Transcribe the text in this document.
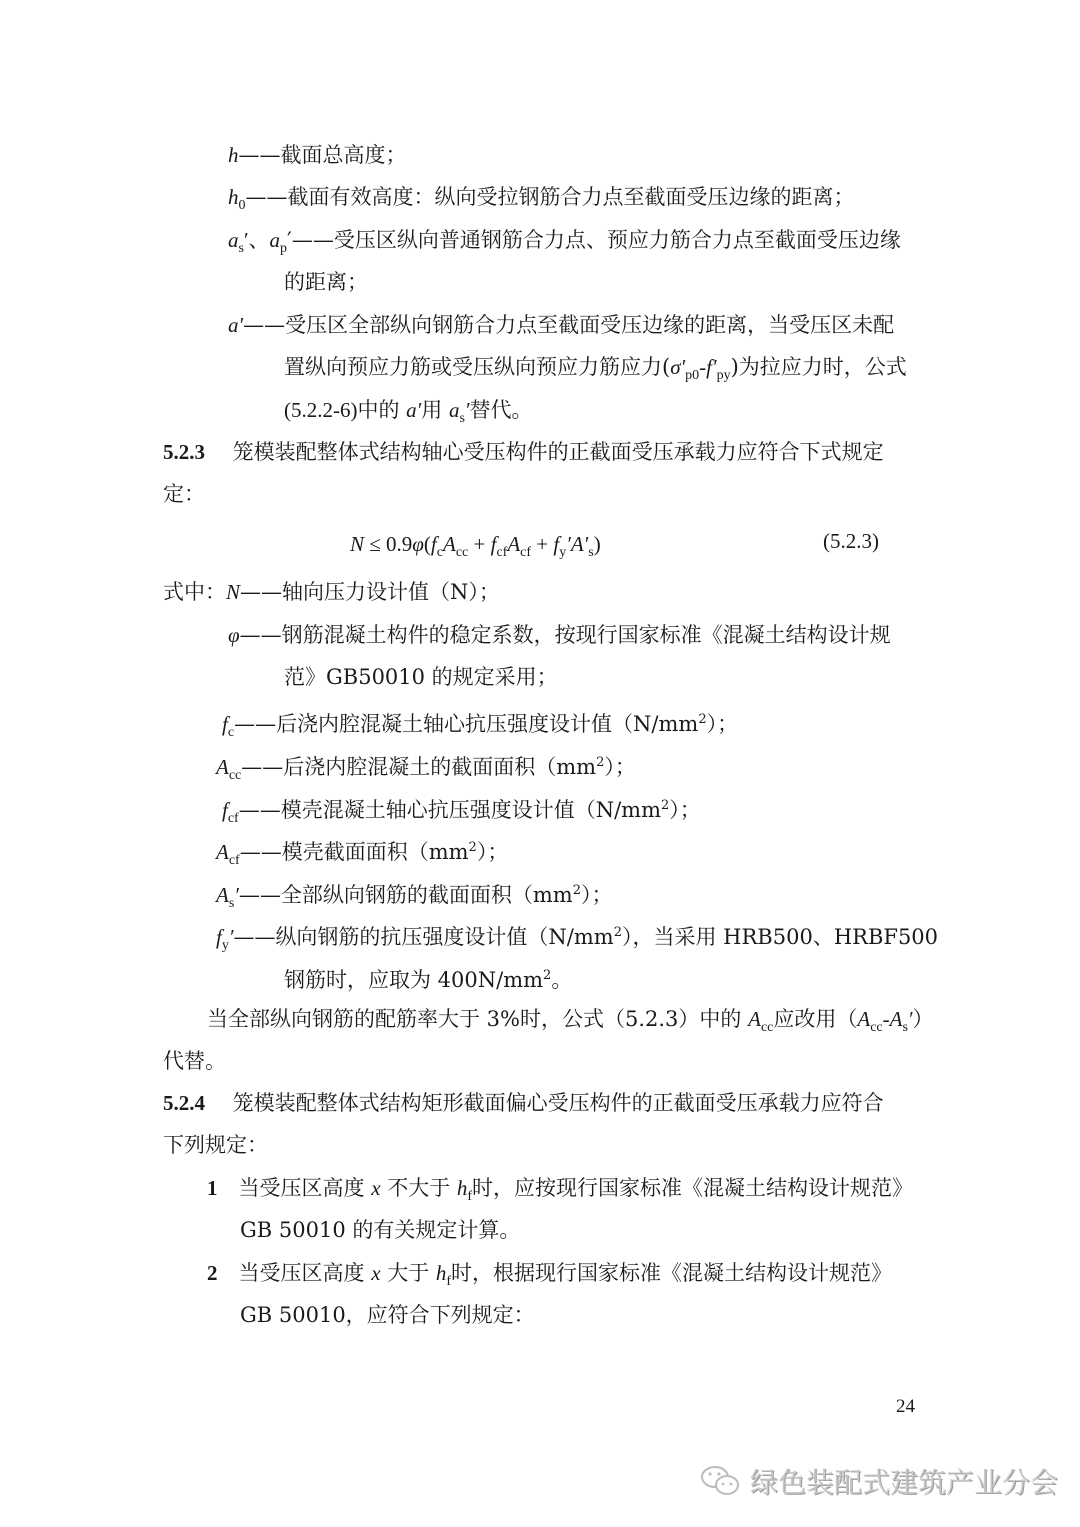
h——截面总高度；
$h_0——$截面有效高度：纵向受拉钢筋合力点至截面受压边缘的距离；
$a_s'$、$a_p'——$受压区纵向普通钢筋合力点、预应力筋合力点至截面受压边缘
的距离；
a′——受压区全部纵向钢筋合力点至截面受压边缘的距离，当受压区未配
置纵向预应力筋或受压纵向预应力筋应力$(\sigma'_{p0}-f'_{py})$为拉应力时，公式
(5.2.2-6)中的 a′用 $a_s'$替代。
5.2.3　 笼模装配整体式结构轴心受压构件的正截面受压承载力应符合下式规定
定：
$N \le 0.9\varphi(f_cA_{cc} + f_{cf}A_{cf} + f_y'A'_s)$
式中：N——轴向压力设计值（N）；
φ——钢筋混凝土构件的稳定系数，按现行国家标准《混凝土结构设计规
范》GB50010 的规定采用；
$f_c——$后浇内腔混凝土轴心抗压强度设计值$(N/mm^2)$；
$A_{cc}——$后浇内腔混凝土的截面面积$(mm^2)$；
$f_{cf}——$模壳混凝土轴心抗压强度设计值$(N/mm^2)$；
$A_{cf}——$模壳截面面积$(mm^2)$；
$A_s'——$全部纵向钢筋的截面面积$(mm^2)$；
$f_y'——$纵向钢筋的抗压强度设计值$(N/mm^2)$，当采用 HRB500、HRBF500
钢筋时，应取为 $400N/mm^2$。
当全部纵向钢筋的配筋率大于 3%时，公式（5.2.3）中的 $A_{cc}$应改用$(A_{cc}-A_s')$
代替。
5.2.4　 笼模装配整体式结构矩形截面偏心受压构件的正截面受压承载力应符合
下列规定：
1　当受压区高度 x 不大于 $h_f$时，应按现行国家标准《混凝土结构设计规范》
GB 50010 的有关规定计算。
2　当受压区高度 x 大于 $h_f$时，根据现行国家标准《混凝土结构设计规范》
GB 50010，应符合下列规定：
(5.2.3)
24
绿色装配式建筑产业分会
